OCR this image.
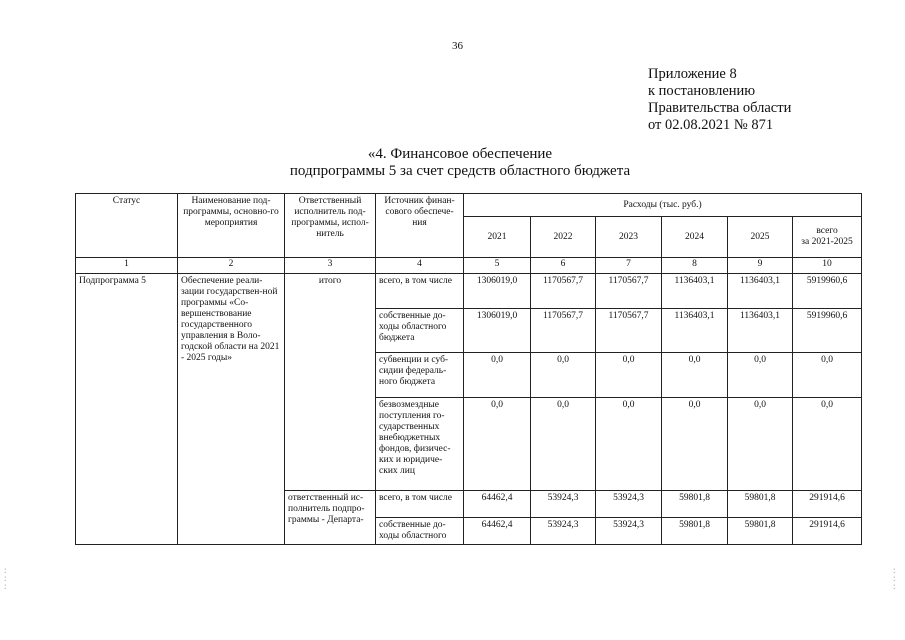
36
Приложение 8
к постановлению
Правительства области
от 02.08.2021 № 871
«4. Финансовое обеспечение
подпрограммы 5 за счет средств областного бюджета
Статус	Наименование под-программы, основно-го мероприятия	Ответственный исполнитель под-программы, испол-нитель	Источник финан-сового обеспече-ния	Расходы (тыс. руб.)					
				2021	2022	2023	2024	2025	всего
за 2021-2025

1	2	3	4	5	6	7	8	9	10
Подпрограмма 5	Обеспечение реали-зации государствен-ной программы «Со-вершенствование государственного управления в Воло-годской области на 2021 - 2025 годы»	итого	всего, в том числе	1306019,0	1170567,7	1170567,7	1136403,1	1136403,1	5919960,6
			собственные до-ходы областного бюджета	1306019,0	1170567,7	1170567,7	1136403,1	1136403,1	5919960,6
			субвенции и суб-сидии федераль-ного бюджета	0,0	0,0	0,0	0,0	0,0	0,0
			безвозмездные поступления го-сударственных внебюджетных фондов, физичес-ких и юридиче-ских лиц	0,0	0,0	0,0	0,0	0,0	0,0
		ответственный ис-полнитель подпро-граммы - Департа-	всего, в том числе	64462,4	53924,3	53924,3	59801,8	59801,8	291914,6
			собственные до-ходы областного	64462,4	53924,3	53924,3	59801,8	59801,8	291914,6
:
:
:
:
:
:
